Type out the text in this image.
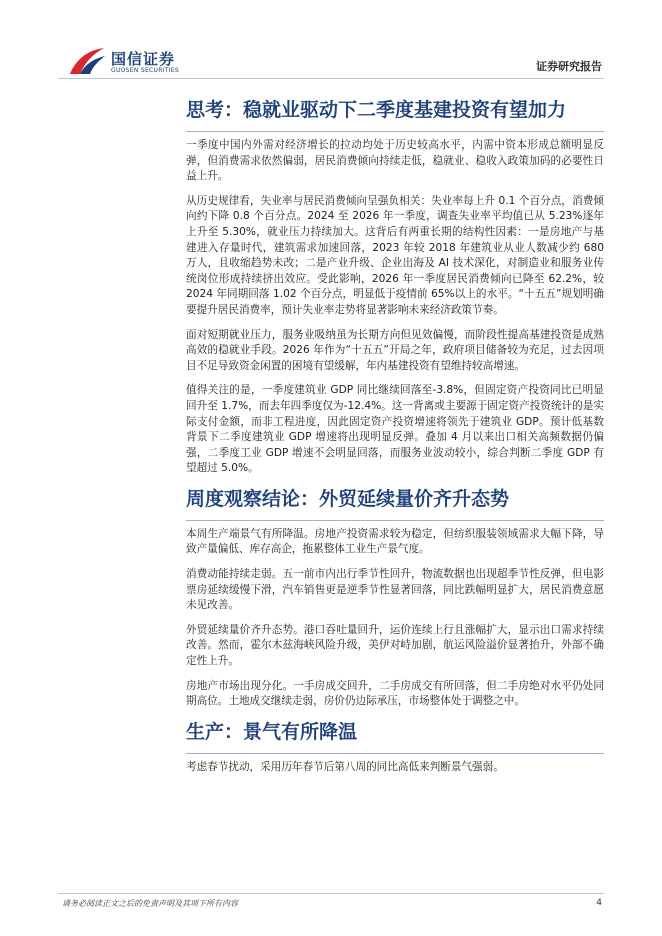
国信证券
GUOSEN SECURITIES	证券研究报告
思考：稳就业驱动下二季度基建投资有望加力

一季度中国内外需对经济增长的拉动均处于历史较高水平，内需中资本形成总额明显反弹，但消费需求依然偏弱，居民消费倾向持续走低，稳就业、稳收入政策加码的必要性日益上升。

从历史规律看，失业率与居民消费倾向呈强负相关：失业率每上升 0.1 个百分点，消费倾向约下降 0.8 个百分点。2024 至 2026 年一季度，调查失业率平均值已从 5.23%逐年上升至 5.30%，就业压力持续加大。这背后有两重长期的结构性因素：一是房地产与基建进入存量时代，建筑需求加速回落，2023 年较 2018 年建筑业从业人数减少约 680 万人，且收缩趋势未改；二是产业升级、企业出海及 AI 技术深化，对制造业和服务业传统岗位形成持续挤出效应。受此影响，2026 年一季度居民消费倾向已降至 62.2%，较 2024 年同期回落 1.02 个百分点，明显低于疫情前 65%以上的水平。“十五五”规划明确要提升居民消费率，预计失业率走势将显著影响未来经济政策节奏。

面对短期就业压力，服务业吸纳虽为长期方向但见效偏慢，而阶段性提高基建投资是成熟高效的稳就业手段。2026 年作为“十五五”开局之年，政府项目储备较为充足，过去因项目不足导致资金闲置的困境有望缓解，年内基建投资有望维持较高增速。

值得关注的是，一季度建筑业 GDP 同比继续回落至-3.8%，但固定资产投资同比已明显回升至 1.7%，而去年四季度仅为-12.4%。这一背离或主要源于固定资产投资统计的是实际支付金额，而非工程进度，因此固定资产投资增速将领先于建筑业 GDP。预计低基数背景下二季度建筑业 GDP 增速将出现明显反弹。叠加 4 月以来出口相关高频数据仍偏强，二季度工业 GDP 增速不会明显回落，而服务业波动较小，综合判断二季度 GDP 有望超过 5.0%。

周度观察结论：外贸延续量价齐升态势

本周生产端景气有所降温。房地产投资需求较为稳定，但纺织服装领域需求大幅下降，导致产量偏低、库存高企，拖累整体工业生产景气度。

消费动能持续走弱。五一前市内出行季节性回升，物流数据也出现超季节性反弹，但电影票房延续缓慢下滑，汽车销售更是逆季节性显著回落，同比跌幅明显扩大，居民消费意愿未见改善。

外贸延续量价齐升态势。港口吞吐量回升，运价连续上行且涨幅扩大，显示出口需求持续改善。然而，霍尔木兹海峡风险升级，美伊对峙加剧，航运风险溢价显著抬升，外部不确定性上升。

房地产市场出现分化。一手房成交回升，二手房成交有所回落，但二手房绝对水平仍处同期高位。土地成交继续走弱，房价仍边际承压，市场整体处于调整之中。

生产：景气有所降温

考虑春节扰动，采用历年春节后第八周的同比高低来判断景气强弱。

请务必阅读正文之后的免责声明及其项下所有内容	4
